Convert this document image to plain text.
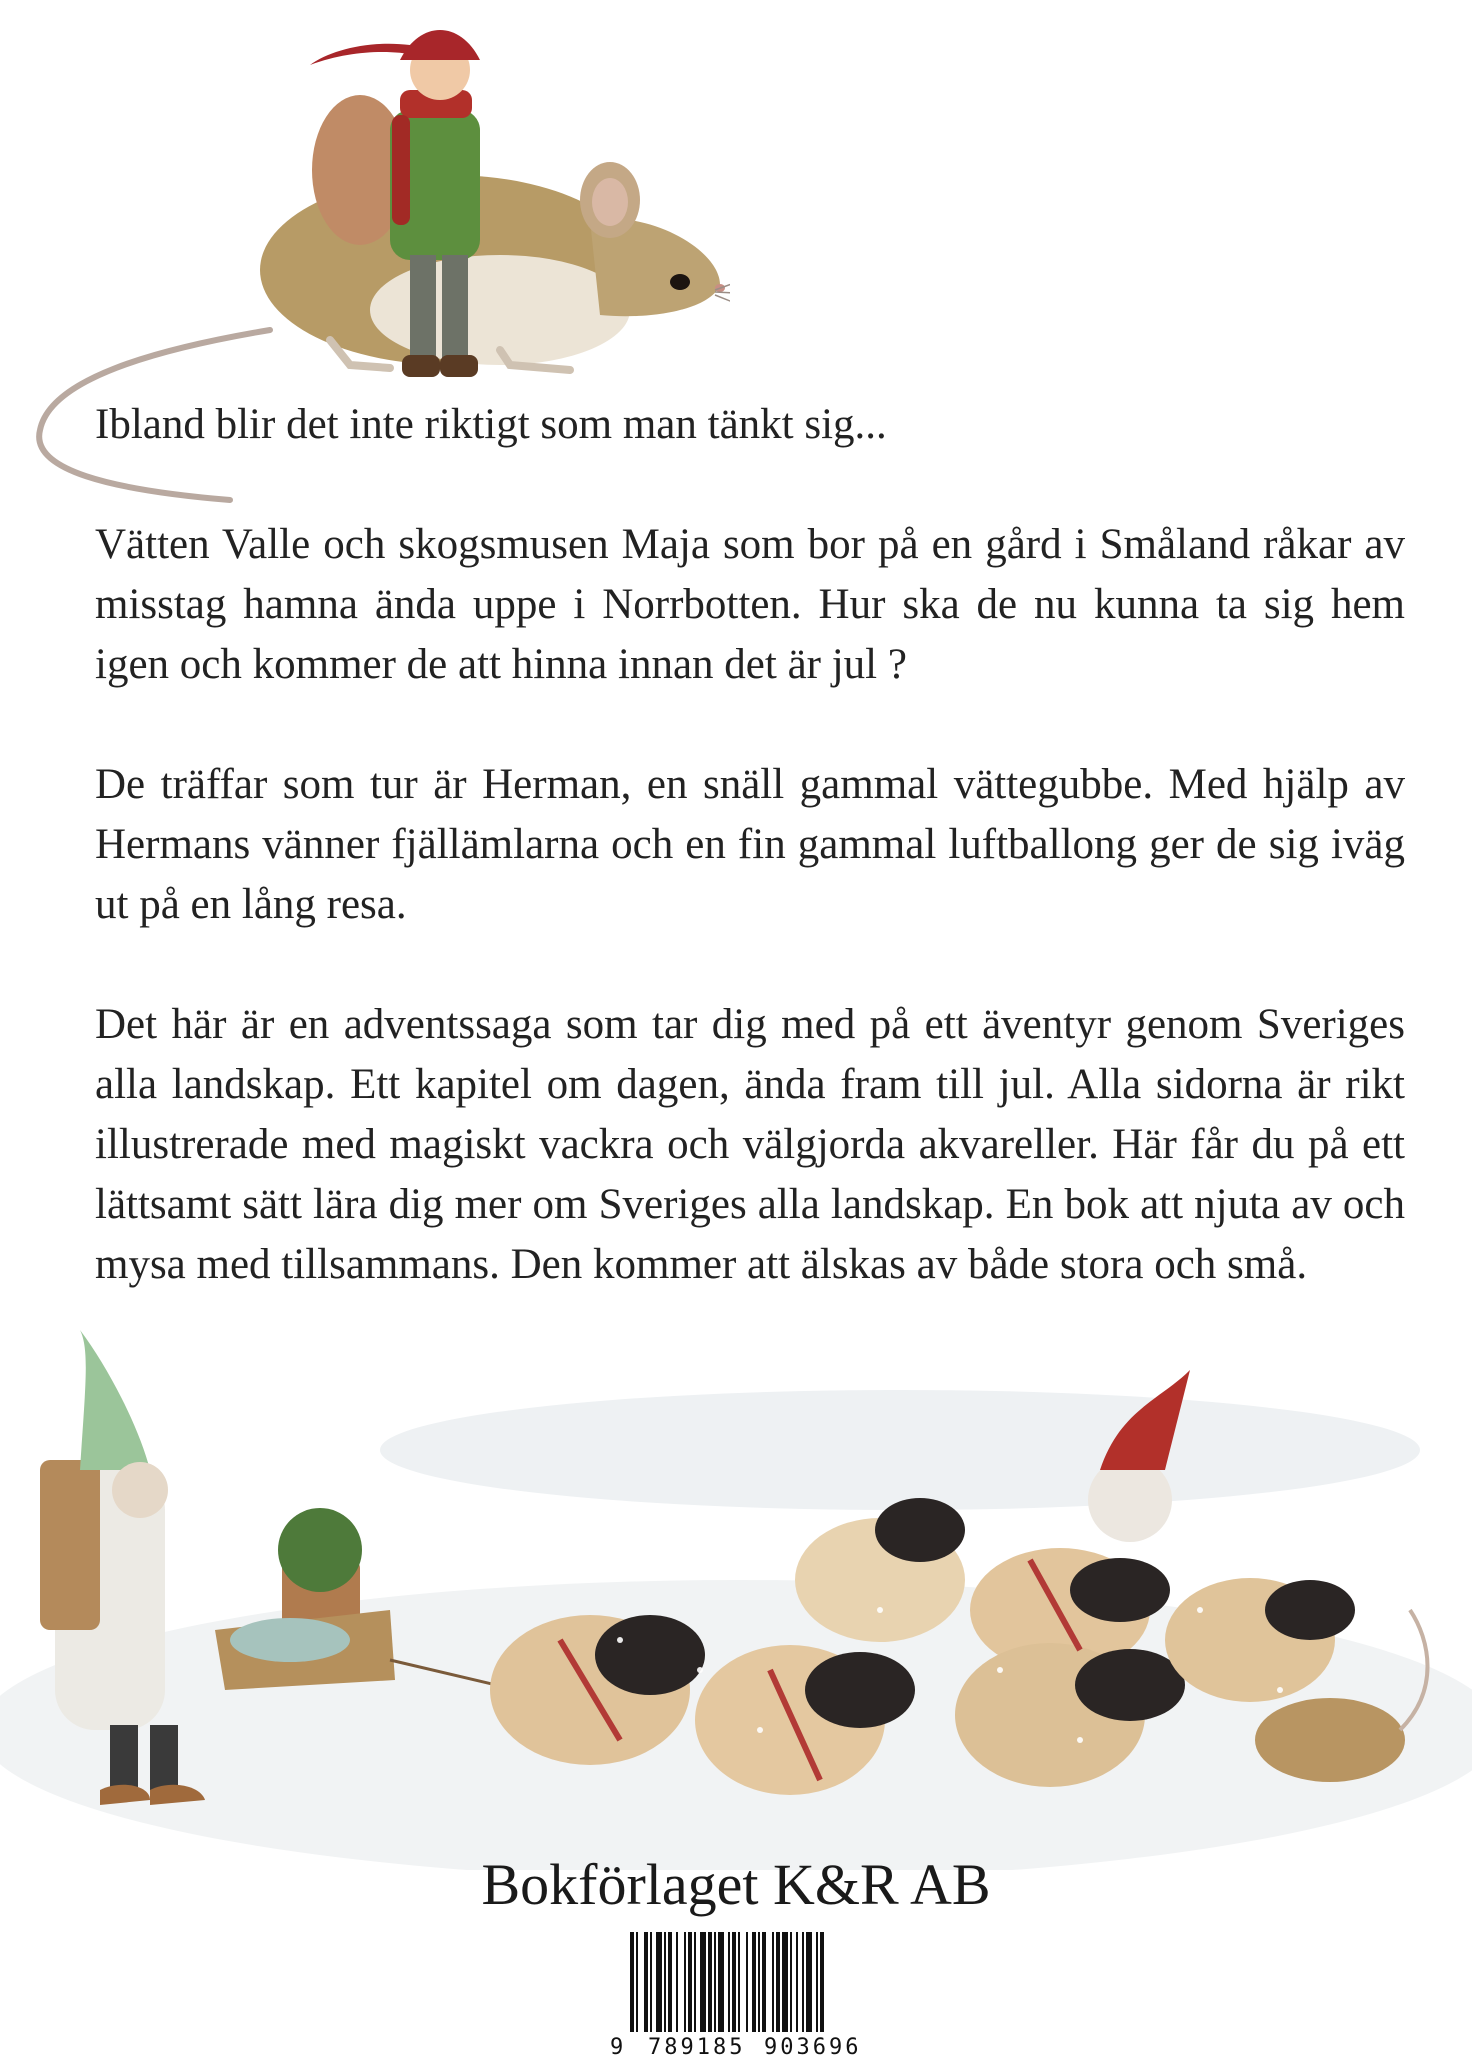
Ibland blir det inte riktigt som man tänkt sig...

Vätten Valle och skogsmusen Maja som bor på en gård i Småland råkar av misstag hamna ända uppe i Norrbotten. Hur ska de nu kunna ta sig hem igen och kommer de att hinna innan det är jul ?

De träffar som tur är Herman, en snäll gammal vättegubbe. Med hjälp av Hermans vänner fjällämlarna och en fin gammal luftballong ger de sig iväg ut på en lång resa.

Det här är en adventssaga som tar dig med på ett äventyr genom Sveriges alla landskap. Ett kapitel om dagen, ända fram till jul. Alla sidorna är rikt illustrerade med magiskt vackra och välgjorda akvareller. Här får du på ett lättsamt sätt lära dig mer om Sveriges alla landskap. En bok att njuta av och mysa med tillsammans. Den kommer att älskas av både stora och små.

Bokförlaget K&R AB
9 789185 903696
